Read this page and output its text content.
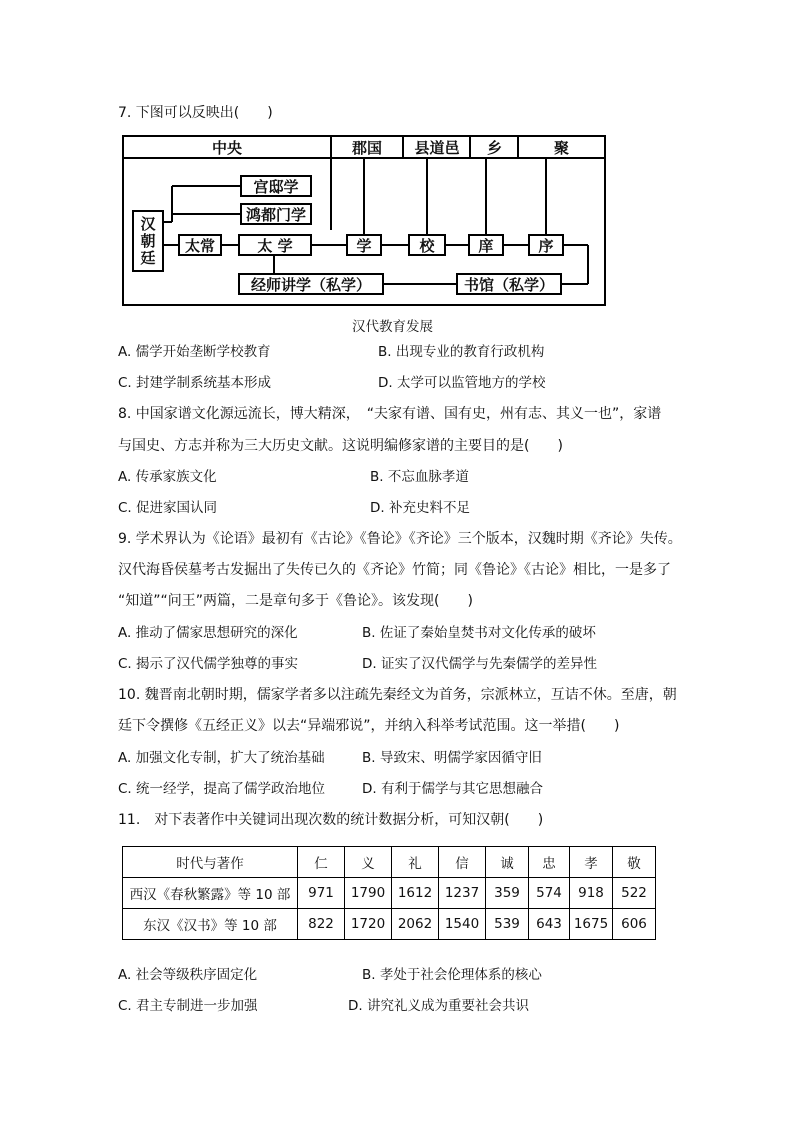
7. 下图可以反映出(　　)
中央	郡国	县道邑	乡	聚
汉朝廷	太常	太 学
宫邸学
鸿都门学
学	校	庠	序
经师讲学（私学）	书馆（私学）
汉代教育发展
A. 儒学开始垄断学校教育	B. 出现专业的教育行政机构
C. 封建学制系统基本形成	D. 太学可以监管地方的学校
8. 中国家谱文化源远流长，博大精深，　“夫家有谱、国有史，州有志、其义一也”，家谱
与国史、方志并称为三大历史文献。这说明编修家谱的主要目的是(　　)
A. 传承家族文化	B. 不忘血脉孝道
C. 促进家国认同	D. 补充史料不足
9. 学术界认为《论语》最初有《古论》《鲁论》《齐论》三个版本，汉魏时期《齐论》失传。
汉代海昏侯墓考古发掘出了失传已久的《齐论》竹简；同《鲁论》《古论》相比，一是多了
“知道”“问王”两篇，二是章句多于《鲁论》。该发现(　　)
A. 推动了儒家思想研究的深化	B. 佐证了秦始皇焚书对文化传承的破坏
C. 揭示了汉代儒学独尊的事实	D. 证实了汉代儒学与先秦儒学的差异性
10. 魏晋南北朝时期，儒家学者多以注疏先秦经文为首务，宗派林立，互诘不休。至唐，朝
廷下令撰修《五经正义》以去“异端邪说”，并纳入科举考试范围。这一举措(　　)
A. 加强文化专制，扩大了统治基础	B. 导致宋、明儒学家因循守旧
C. 统一经学，提高了儒学政治地位	D. 有利于儒学与其它思想融合
11.　对下表著作中关键词出现次数的统计数据分析，可知汉朝(　　)
时代与著作	仁	义	礼	信	诚	忠	孝	敬
西汉《春秋繁露》等 10 部	971	1790	1612	1237	359	574	918	522
东汉《汉书》等 10 部	822	1720	2062	1540	539	643	1675	606
A. 社会等级秩序固定化	B. 孝处于社会伦理体系的核心
C. 君主专制进一步加强	D. 讲究礼义成为重要社会共识
